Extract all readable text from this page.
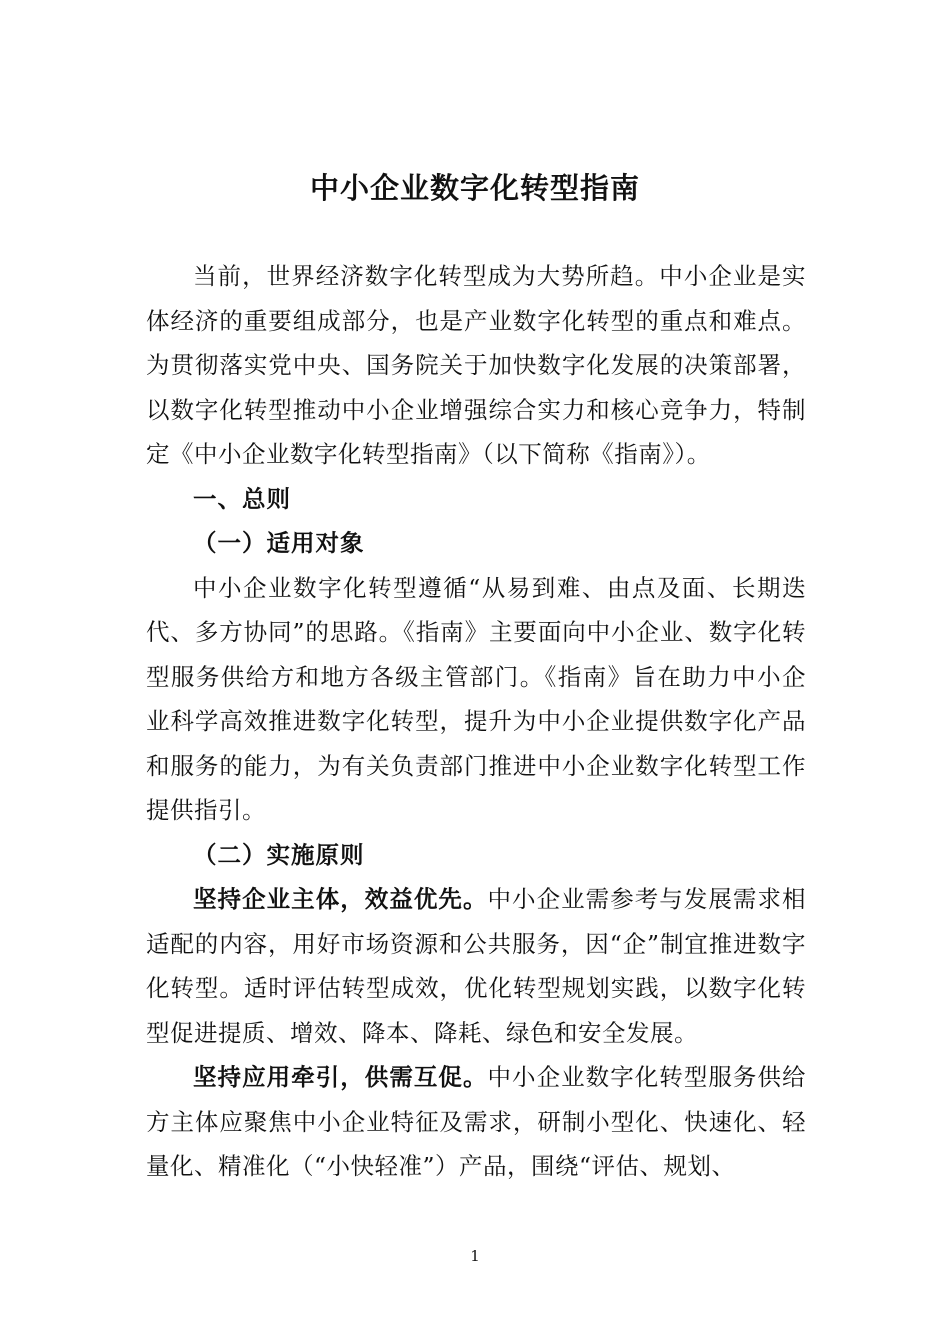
中小企业数字化转型指南

当前，世界经济数字化转型成为大势所趋。中小企业是实体经济的重要组成部分，也是产业数字化转型的重点和难点。为贯彻落实党中央、国务院关于加快数字化发展的决策部署，以数字化转型推动中小企业增强综合实力和核心竞争力，特制定《中小企业数字化转型指南》（以下简称《指南》）。

一、总则

（一）适用对象

中小企业数字化转型遵循“从易到难、由点及面、长期迭代、多方协同”的思路。《指南》主要面向中小企业、数字化转型服务供给方和地方各级主管部门。《指南》旨在助力中小企业科学高效推进数字化转型，提升为中小企业提供数字化产品和服务的能力，为有关负责部门推进中小企业数字化转型工作提供指引。

（二）实施原则

坚持企业主体，效益优先。中小企业需参考与发展需求相适配的内容，用好市场资源和公共服务，因“企”制宜推进数字化转型。适时评估转型成效，优化转型规划实践，以数字化转型促进提质、增效、降本、降耗、绿色和安全发展。

坚持应用牵引，供需互促。中小企业数字化转型服务供给方主体应聚焦中小企业特征及需求，研制小型化、快速化、轻量化、精准化（“小快轻准”）产品，围绕“评估、规划、

1
